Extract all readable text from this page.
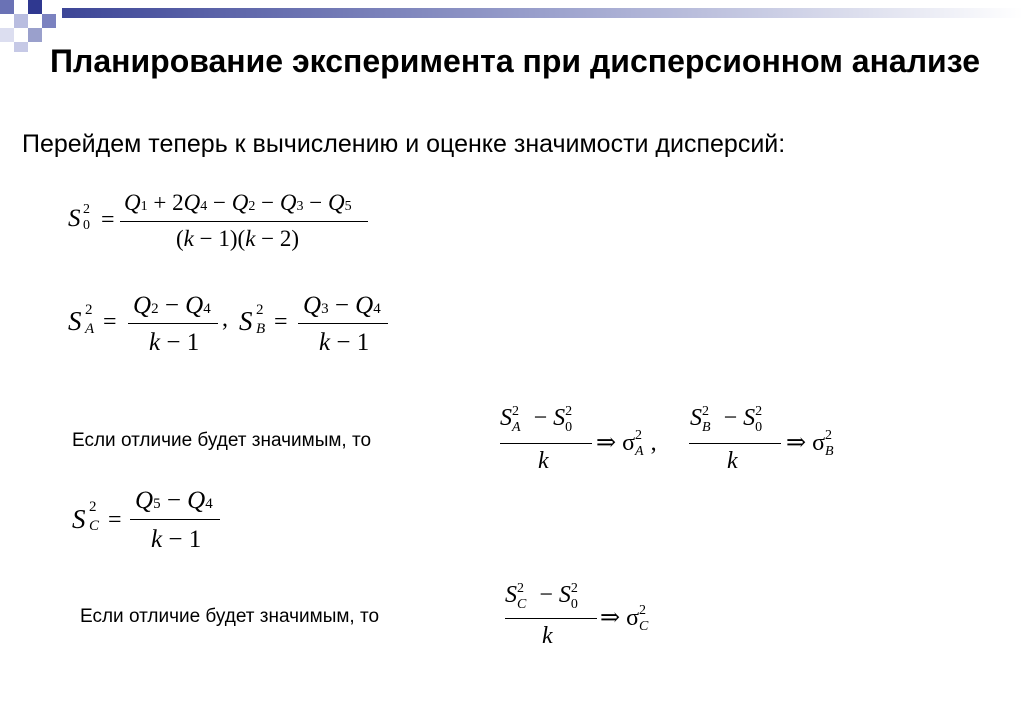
Планирование эксперимента при дисперсионном анализе
Перейдем теперь к вычислению и оценке значимости дисперсий:
S 2
0 =
Q1 + 2Q4 − Q2 − Q3 − Q5
(k − 1)(k − 2)
S 2
A =
Q2 − Q4
k − 1
, S 2
B =
Q3 − Q4
k − 1
Если отличие будет значимым, то
$S^2_A - S^2_0$
k
⇒ $\sigma^2_A$ ,
$S^2_B - S^2_0$
k
⇒ $\sigma^2_B$
S 2
C =
Q5 − Q4
k − 1
Если отличие будет значимым, то
$S^2_C - S^2_0$
k
⇒ $\sigma^2_C$
